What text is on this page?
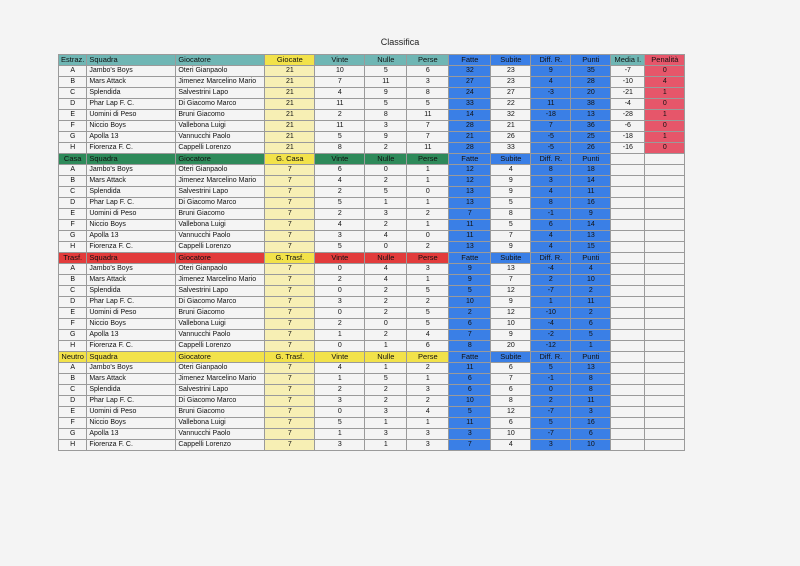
Classifica
Estraz.	Squadra	Giocatore	Giocate	Vinte	Nulle	Perse	Fatte	Subite	Diff. R.	Punti	Media I.	Penalità
A	Jambo's Boys	Oteri Gianpaolo	21	10	5	6	32	23	9	35	-7	0
B	Mars Attack	Jimenez Marcelino Mario	21	7	11	3	27	23	4	28	-10	4
C	Splendida	Salvestrini Lapo	21	4	9	8	24	27	-3	20	-21	1
D	Phar Lap F. C.	Di Giacomo Marco	21	11	5	5	33	22	11	38	-4	0
E	Uomini di Peso	Bruni Giacomo	21	2	8	11	14	32	-18	13	-28	1
F	Niccio Boys	Vallebona Luigi	21	11	3	7	28	21	7	36	-6	0
G	Apolla 13	Vannucchi Paolo	21	5	9	7	21	26	-5	25	-18	1
H	Fiorenza F. C.	Cappelli Lorenzo	21	8	2	11	28	33	-5	26	-16	0
Casa	Squadra	Giocatore	G. Casa	Vinte	Nulle	Perse	Fatte	Subite	Diff. R.	Punti		
A	Jambo's Boys	Oteri Gianpaolo	7	6	0	1	12	4	8	18		
B	Mars Attack	Jimenez Marcelino Mario	7	4	2	1	12	9	3	14		
C	Splendida	Salvestrini Lapo	7	2	5	0	13	9	4	11		
D	Phar Lap F. C.	Di Giacomo Marco	7	5	1	1	13	5	8	16		
E	Uomini di Peso	Bruni Giacomo	7	2	3	2	7	8	-1	9		
F	Niccio Boys	Vallebona Luigi	7	4	2	1	11	5	6	14		
G	Apolla 13	Vannucchi Paolo	7	3	4	0	11	7	4	13		
H	Fiorenza F. C.	Cappelli Lorenzo	7	5	0	2	13	9	4	15		
Trasf.	Squadra	Giocatore	G. Trasf.	Vinte	Nulle	Perse	Fatte	Subite	Diff. R.	Punti		
A	Jambo's Boys	Oteri Gianpaolo	7	0	4	3	9	13	-4	4		
B	Mars Attack	Jimenez Marcelino Mario	7	2	4	1	9	7	2	10		
C	Splendida	Salvestrini Lapo	7	0	2	5	5	12	-7	2		
D	Phar Lap F. C.	Di Giacomo Marco	7	3	2	2	10	9	1	11		
E	Uomini di Peso	Bruni Giacomo	7	0	2	5	2	12	-10	2		
F	Niccio Boys	Vallebona Luigi	7	2	0	5	6	10	-4	6		
G	Apolla 13	Vannucchi Paolo	7	1	2	4	7	9	-2	5		
H	Fiorenza F. C.	Cappelli Lorenzo	7	0	1	6	8	20	-12	1		
Neutro	Squadra	Giocatore	G. Trasf.	Vinte	Nulle	Perse	Fatte	Subite	Diff. R.	Punti		
A	Jambo's Boys	Oteri Gianpaolo	7	4	1	2	11	6	5	13		
B	Mars Attack	Jimenez Marcelino Mario	7	1	5	1	6	7	-1	8		
C	Splendida	Salvestrini Lapo	7	2	2	3	6	6	0	8		
D	Phar Lap F. C.	Di Giacomo Marco	7	3	2	2	10	8	2	11		
E	Uomini di Peso	Bruni Giacomo	7	0	3	4	5	12	-7	3		
F	Niccio Boys	Vallebona Luigi	7	5	1	1	11	6	5	16		
G	Apolla 13	Vannucchi Paolo	7	1	3	3	3	10	-7	6		
H	Fiorenza F. C.	Cappelli Lorenzo	7	3	1	3	7	4	3	10		
